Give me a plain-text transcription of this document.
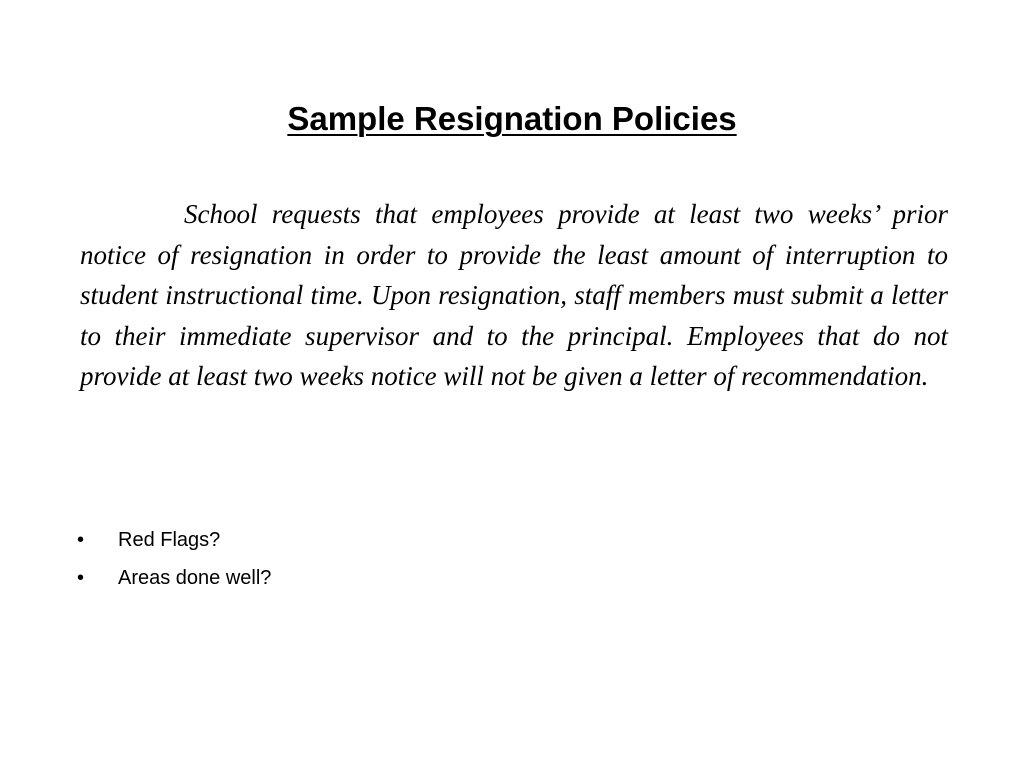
Sample Resignation Policies

School requests that employees provide at least two weeks’ prior notice of resignation in order to provide the least amount of interruption to student instructional time. Upon resignation, staff members must submit a letter to their immediate supervisor and to the principal. Employees that do not provide at least two weeks notice will not be given a letter of recommendation.

•	Red Flags?
•	Areas done well?
